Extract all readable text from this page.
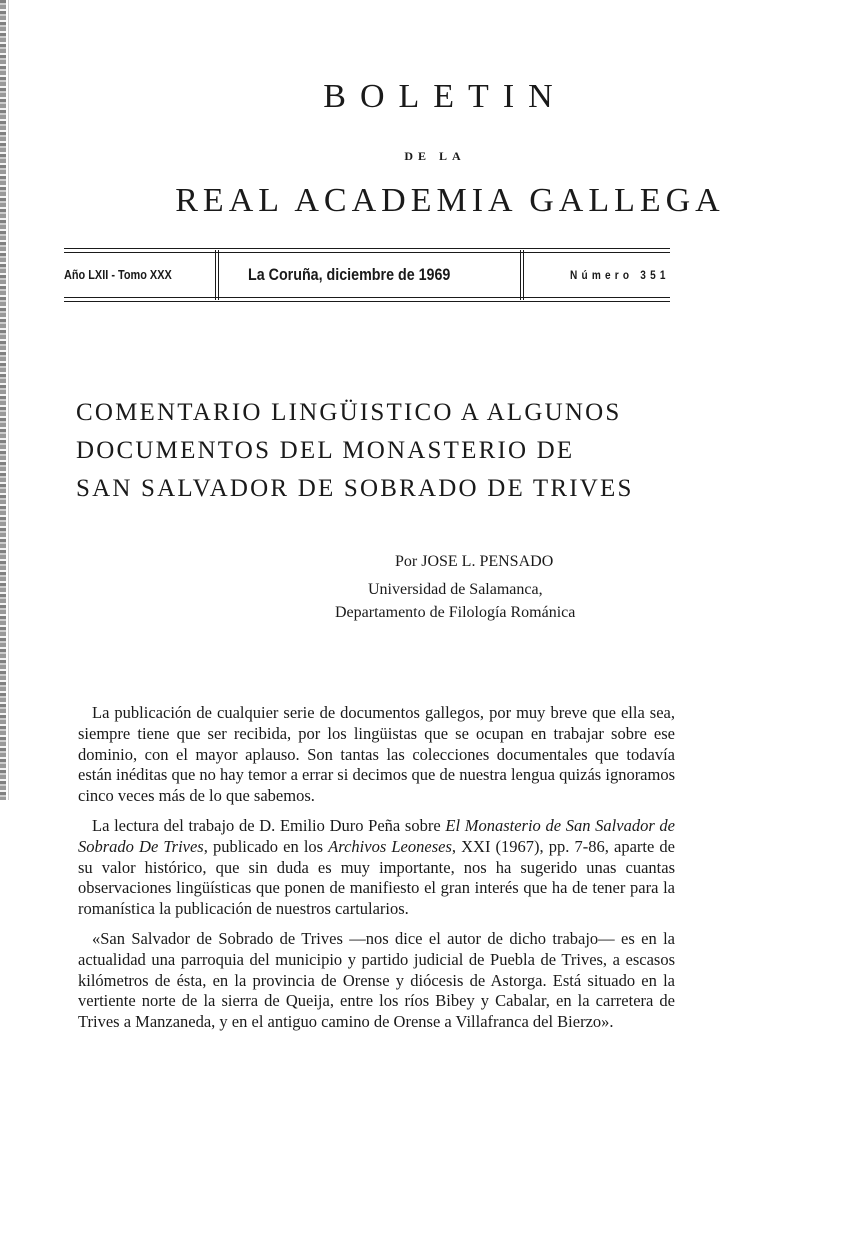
BOLETIN
DE LA
REAL ACADEMIA GALLEGA
Año LXII - Tomo XXX	La Coruña, diciembre de 1969	Número 351
COMENTARIO LINGÜISTICO A ALGUNOS
DOCUMENTOS DEL MONASTERIO DE
SAN SALVADOR DE SOBRADO DE TRIVES
Por JOSE L. PENSADO
Universidad de Salamanca,
Departamento de Filología Románica

La publicación de cualquier serie de documentos gallegos, por muy breve que ella sea, siempre tiene que ser recibida, por los lingüistas que se ocupan en trabajar sobre ese dominio, con el mayor aplauso. Son tantas las colecciones documentales que todavía están inéditas que no hay temor a errar si decimos que de nuestra lengua quizás ignoramos cinco veces más de lo que sabemos.

La lectura del trabajo de D. Emilio Duro Peña sobre El Monasterio de San Salvador de Sobrado De Trives, publicado en los Archivos Leoneses, XXI (1967), pp. 7-86, aparte de su valor histórico, que sin duda es muy importante, nos ha sugerido unas cuantas observaciones lingüísticas que ponen de manifiesto el gran interés que ha de tener para la romanística la publicación de nuestros cartularios.

«San Salvador de Sobrado de Trives —nos dice el autor de dicho trabajo— es en la actualidad una parroquia del municipio y partido judicial de Puebla de Trives, a escasos kilómetros de ésta, en la provincia de Orense y diócesis de Astorga. Está situado en la vertiente norte de la sierra de Queija, entre los ríos Bibey y Cabalar, en la carretera de Trives a Manzaneda, y en el antiguo camino de Orense a Villafranca del Bierzo».
